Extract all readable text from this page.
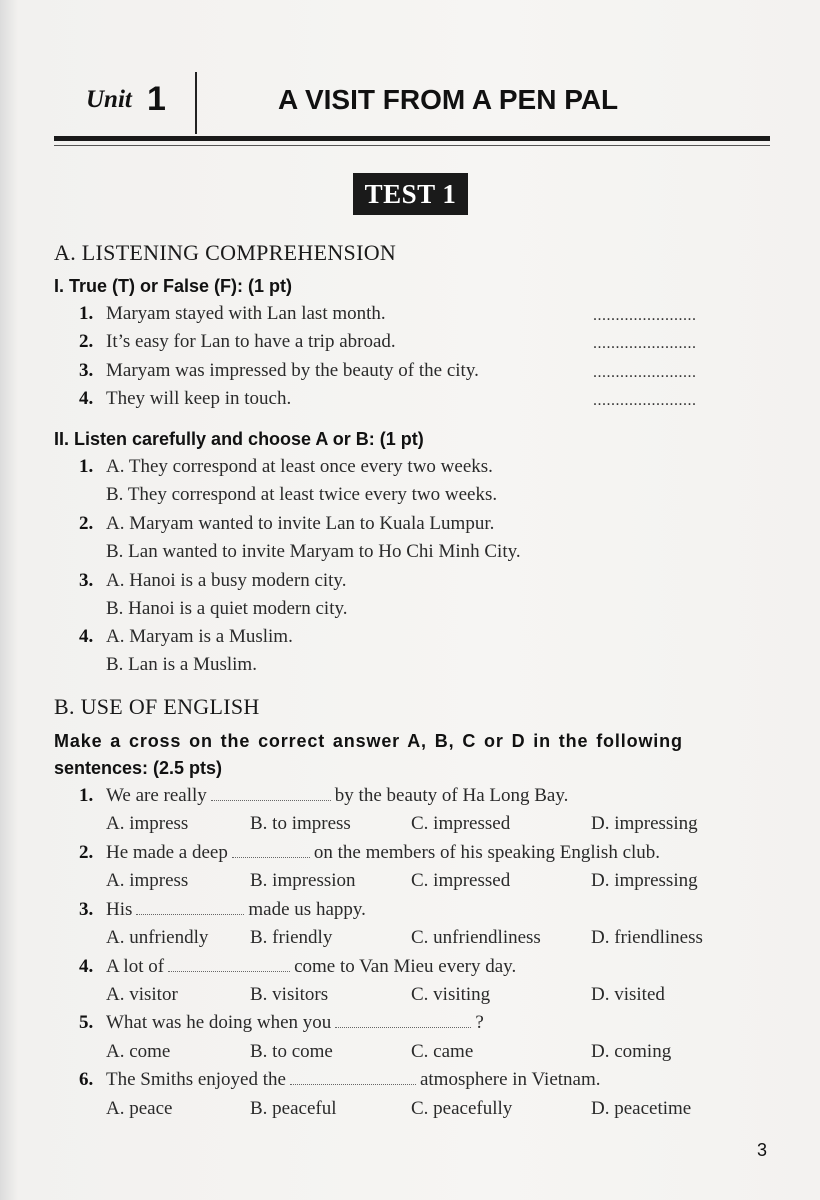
Unit 1	A VISIT FROM A PEN PAL
TEST 1
A. LISTENING COMPREHENSION
I. True (T) or False (F): (1 pt)
1. Maryam stayed with Lan last month.	.......................
2. It’s easy for Lan to have a trip abroad.	.......................
3. Maryam was impressed by the beauty of the city.	.......................
4. They will keep in touch.	.......................
II. Listen carefully and choose A or B: (1 pt)
1. A. They correspond at least once every two weeks.
B. They correspond at least twice every two weeks.
2. A. Maryam wanted to invite Lan to Kuala Lumpur.
B. Lan wanted to invite Maryam to Ho Chi Minh City.
3. A. Hanoi is a busy modern city.
B. Hanoi is a quiet modern city.
4. A. Maryam is a Muslim.
B. Lan is a Muslim.
B. USE OF ENGLISH
Make a cross on the correct answer A, B, C or D in the following
sentences: (2.5 pts)
1. We are really	by the beauty of Ha Long Bay.
A. impress	B. to impress	C. impressed	D. impressing
2. He made a deep	on the members of his speaking English club.
A. impress	B. impression	C. impressed	D. impressing
3. His	made us happy.
A. unfriendly B. friendly	C. unfriendliness	D. friendliness
4. A lot of	come to Van Mieu every day.
A. visitor	B. visitors	C. visiting	D. visited
5. What was he doing when you	?
A. come	B. to come	C. came	D. coming
6. The Smiths enjoyed the	atmosphere in Vietnam.
A. peace	B. peaceful	C. peacefully	D. peacetime
3
